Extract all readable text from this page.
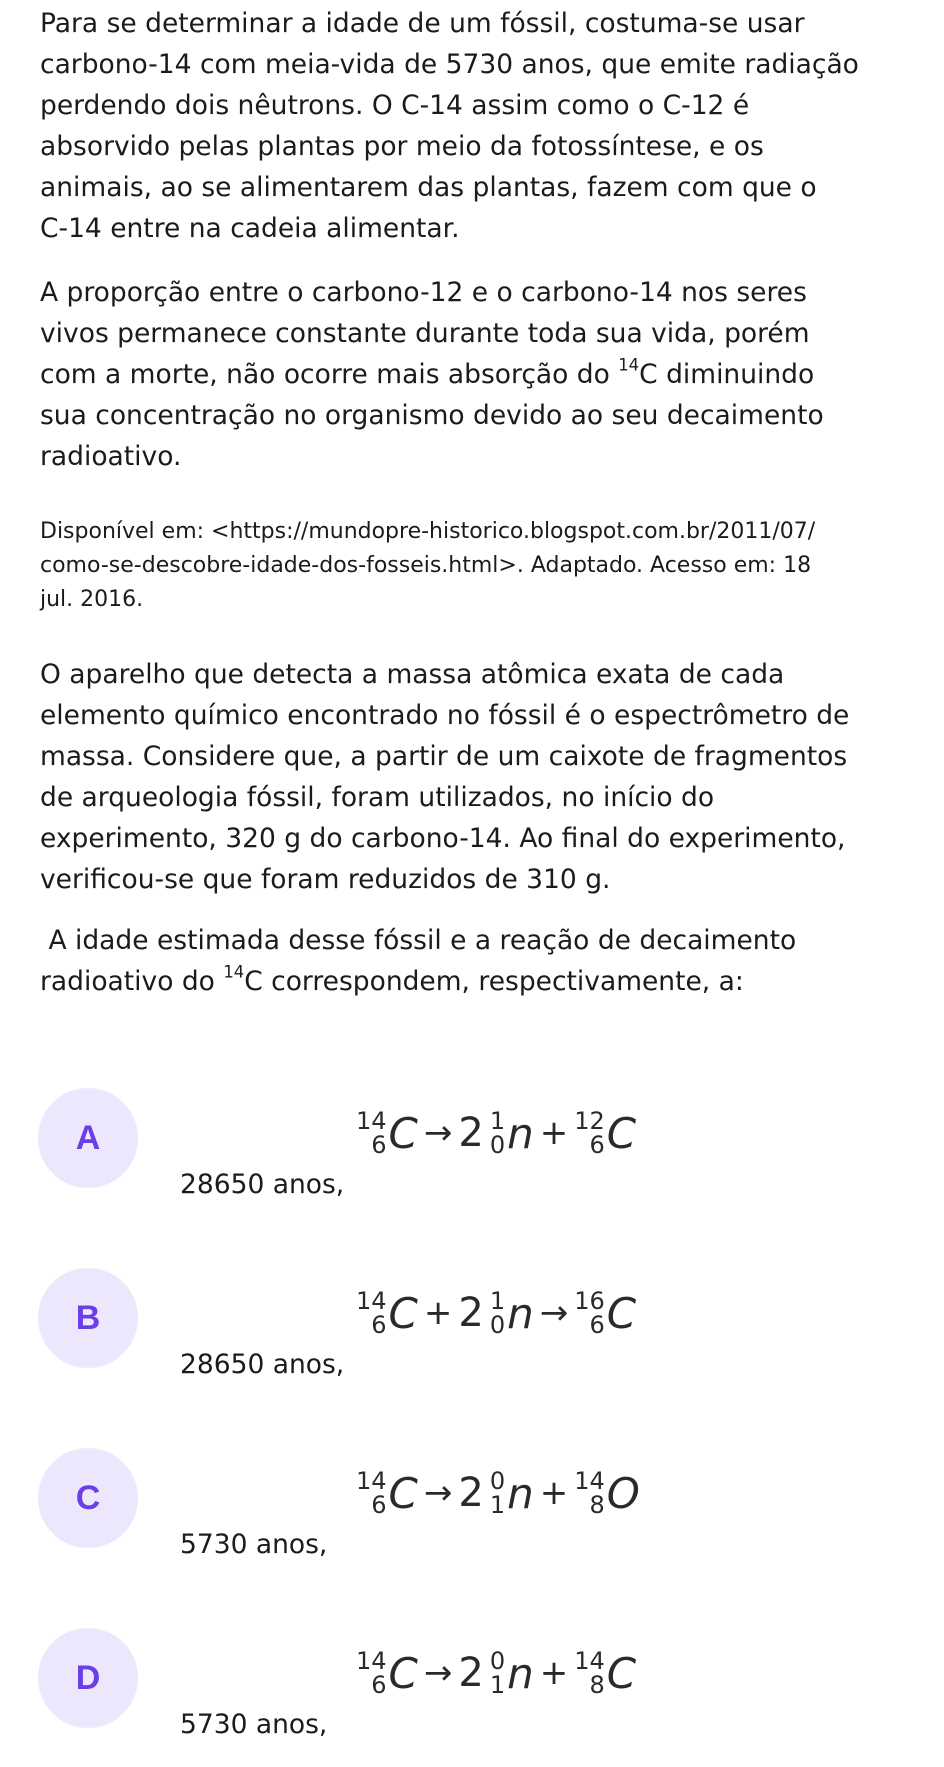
Para se determinar a idade de um fóssil, costuma-se usar
carbono-14 com meia-vida de 5730 anos, que emite radiação
perdendo dois nêutrons. O C-14 assim como o C-12 é
absorvido pelas plantas por meio da fotossíntese, e os
animais, ao se alimentarem das plantas, fazem com que o
C-14 entre na cadeia alimentar.

A proporção entre o carbono-12 e o carbono-14 nos seres
vivos permanece constante durante toda sua vida, porém
com a morte, não ocorre mais absorção do $^{14}$C diminuindo
sua concentração no organismo devido ao seu decaimento
radioativo.

Disponível em: <https://mundopre-historico.blogspot.com.br/2011/07/
como-se-descobre-idade-dos-fosseis.html>. Adaptado. Acesso em: 18
jul. 2016.

O aparelho que detecta a massa atômica exata de cada
elemento químico encontrado no fóssil é o espectrômetro de
massa. Considere que, a partir de um caixote de fragmentos
de arqueologia fóssil, foram utilizados, no início do
experimento, 320 g do carbono-14. Ao final do experimento,
verificou-se que foram reduzidos de 310 g.

A idade estimada desse fóssil e a reação de decaimento
radioativo do $^{14}$C correspondem, respectivamente, a:

A
28650 anos,
14
6 C → 2 1
0 n + 12
6 C
B
28650 anos,
14
6 C + 2 1
0 n → 16
6 C
C
5730 anos,
14
6 C → 2 0
1 n + 14
8 O
D
5730 anos,
14
6 C → 2 0
1 n + 14
8 C
